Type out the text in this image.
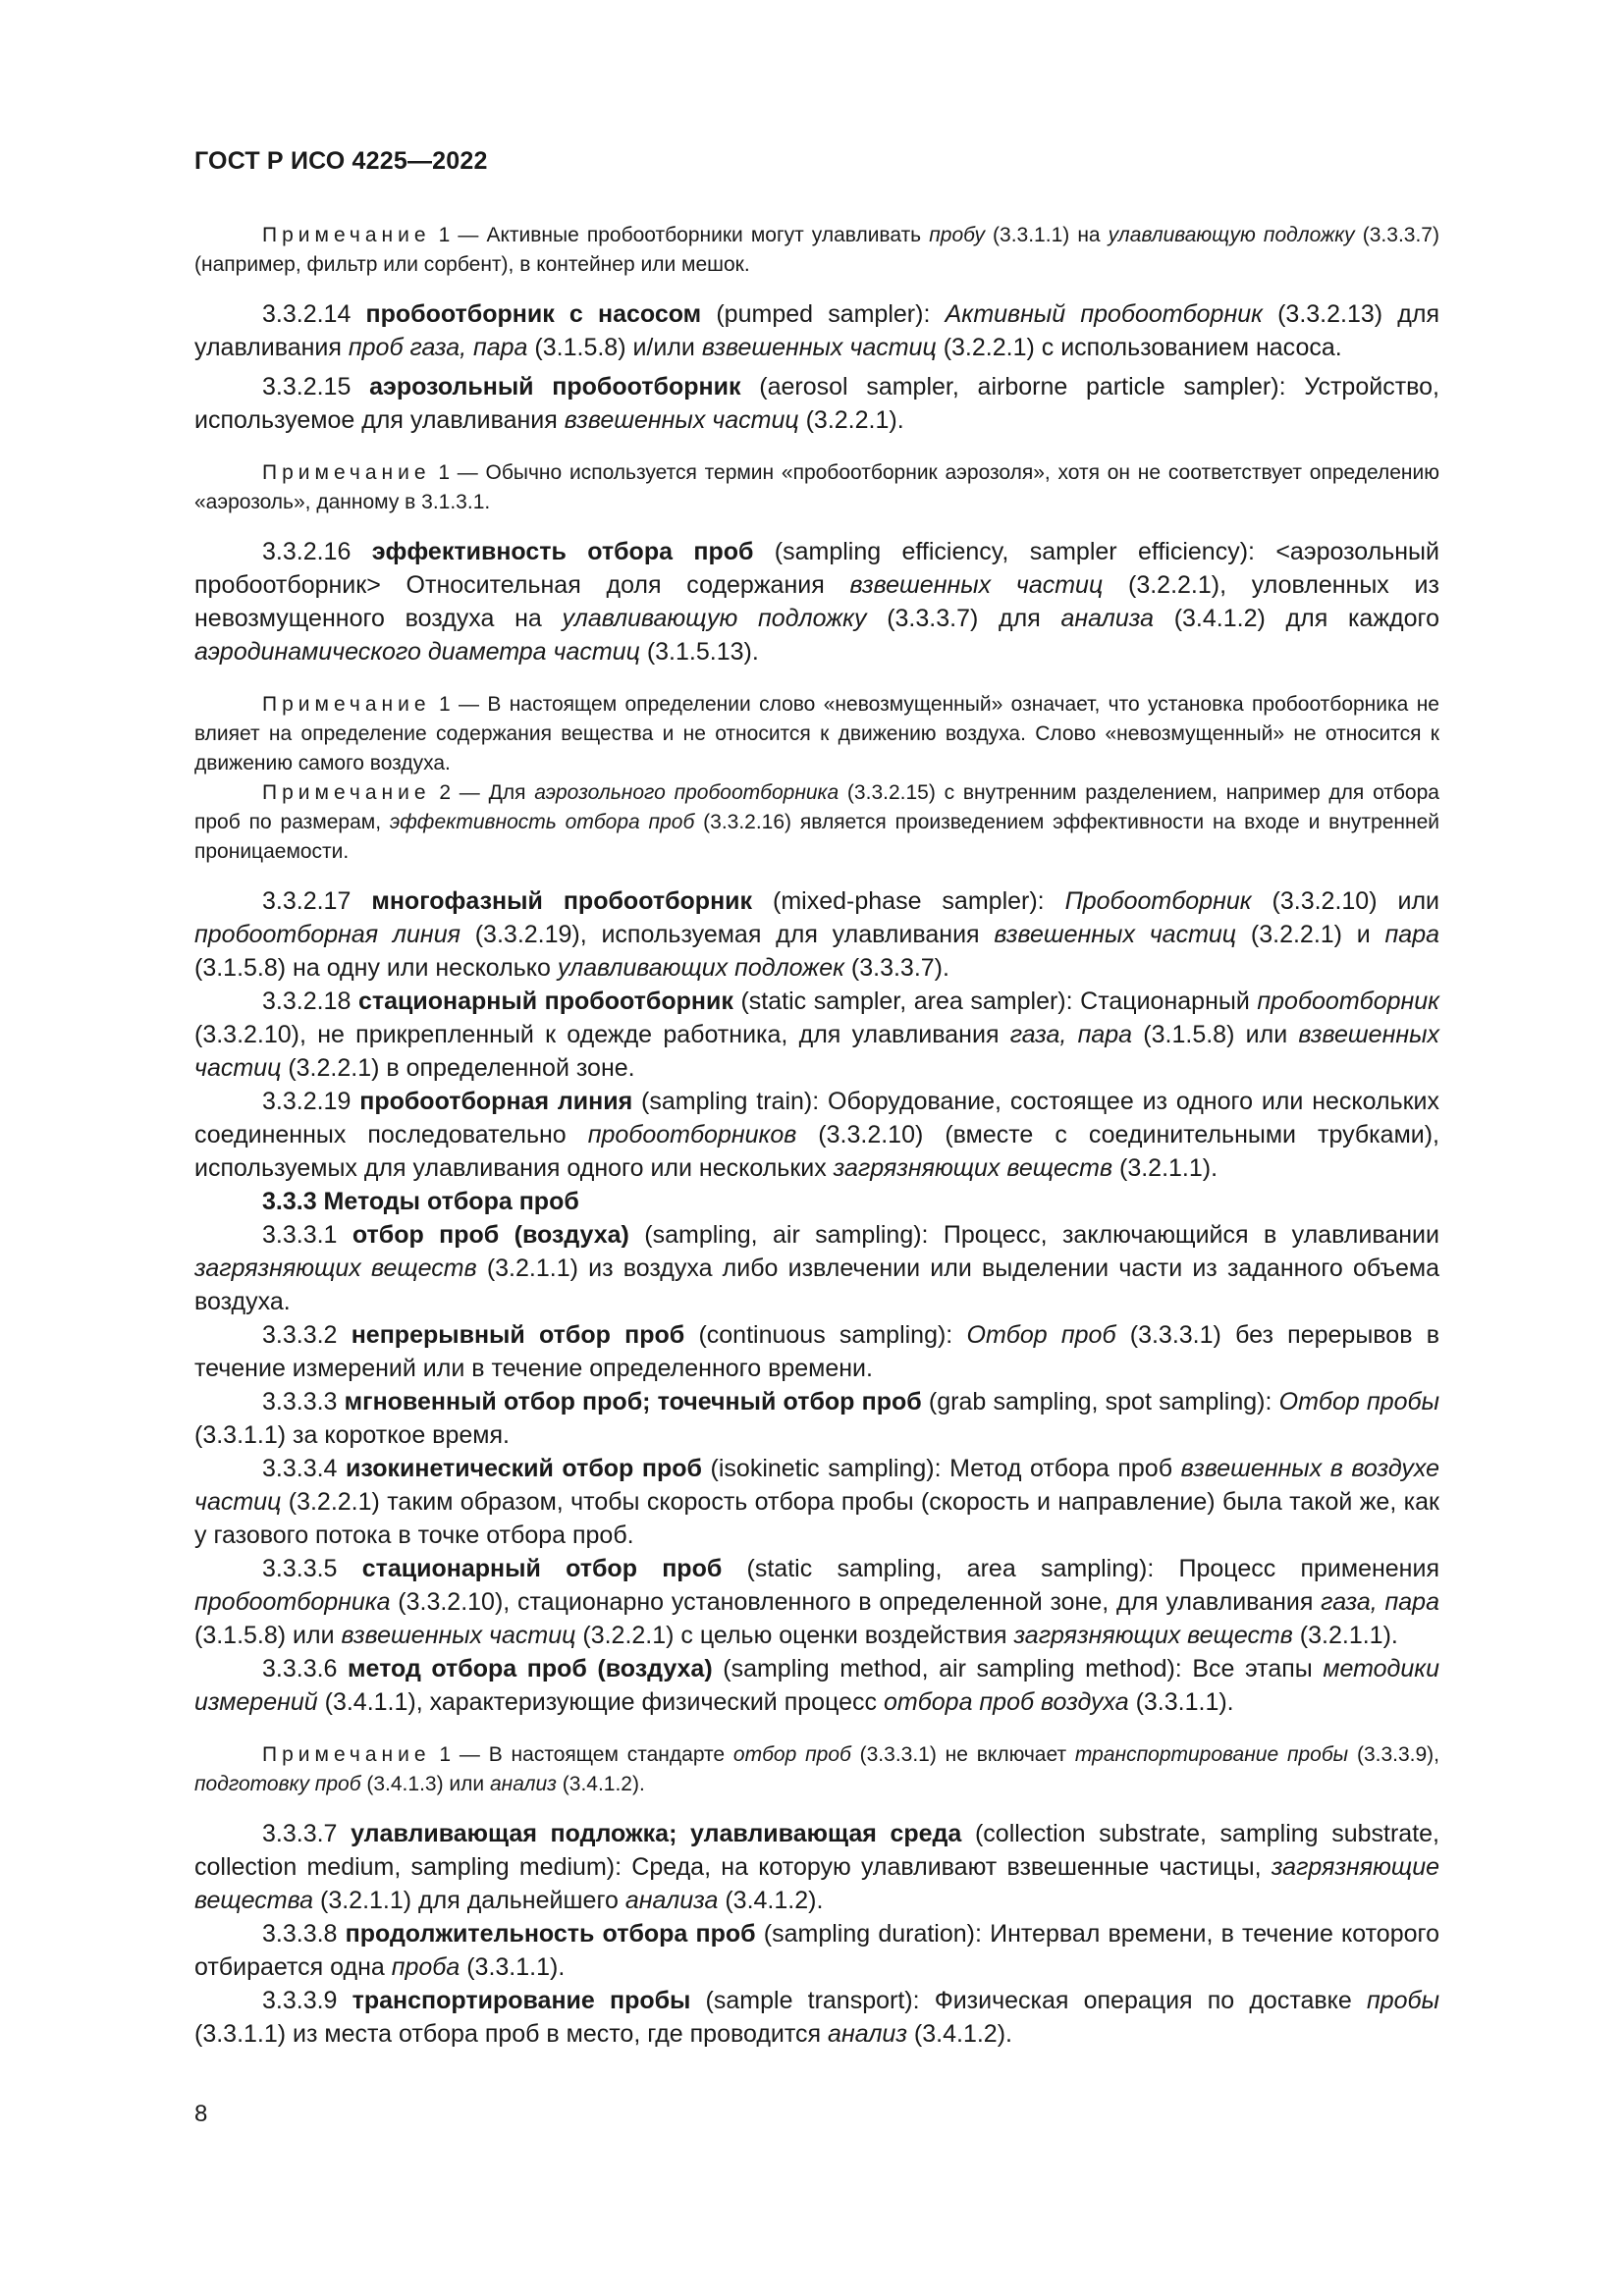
ГОСТ Р ИСО 4225—2022

Примечание 1 — Активные пробоотборники могут улавливать пробу (3.3.1.1) на улавливающую подложку (3.3.3.7) (например, фильтр или сорбент), в контейнер или мешок.

3.3.2.14 пробоотборник с насосом (pumped sampler): Активный пробоотборник (3.3.2.13) для улавливания проб газа, пара (3.1.5.8) и/или взвешенных частиц (3.2.2.1) с использованием насоса.

3.3.2.15 аэрозольный пробоотборник (aerosol sampler, airborne particle sampler): Устройство, используемое для улавливания взвешенных частиц (3.2.2.1).

Примечание 1 — Обычно используется термин «пробоотборник аэрозоля», хотя он не соответствует определению «аэрозоль», данному в 3.1.3.1.

3.3.2.16 эффективность отбора проб (sampling efficiency, sampler efficiency): <аэрозольный пробоотборник> Относительная доля содержания взвешенных частиц (3.2.2.1), уловленных из невозмущенного воздуха на улавливающую подложку (3.3.3.7) для анализа (3.4.1.2) для каждого аэродинамического диаметра частиц (3.1.5.13).

Примечание 1 — В настоящем определении слово «невозмущенный» означает, что установка пробоотборника не влияет на определение содержания вещества и не относится к движению воздуха. Слово «невозмущенный» не относится к движению самого воздуха.

Примечание 2 — Для аэрозольного пробоотборника (3.3.2.15) с внутренним разделением, например для отбора проб по размерам, эффективность отбора проб (3.3.2.16) является произведением эффективности на входе и внутренней проницаемости.

3.3.2.17 многофазный пробоотборник (mixed-phase sampler): Пробоотборник (3.3.2.10) или пробоотборная линия (3.3.2.19), используемая для улавливания взвешенных частиц (3.2.2.1) и пара (3.1.5.8) на одну или несколько улавливающих подложек (3.3.3.7).

3.3.2.18 стационарный пробоотборник (static sampler, area sampler): Стационарный пробоотборник (3.3.2.10), не прикрепленный к одежде работника, для улавливания газа, пара (3.1.5.8) или взвешенных частиц (3.2.2.1) в определенной зоне.

3.3.2.19 пробоотборная линия (sampling train): Оборудование, состоящее из одного или нескольких соединенных последовательно пробоотборников (3.3.2.10) (вместе с соединительными трубками), используемых для улавливания одного или нескольких загрязняющих веществ (3.2.1.1).

3.3.3 Методы отбора проб

3.3.3.1 отбор проб (воздуха) (sampling, air sampling): Процесс, заключающийся в улавливании загрязняющих веществ (3.2.1.1) из воздуха либо извлечении или выделении части из заданного объема воздуха.

3.3.3.2 непрерывный отбор проб (continuous sampling): Отбор проб (3.3.3.1) без перерывов в течение измерений или в течение определенного времени.

3.3.3.3 мгновенный отбор проб; точечный отбор проб (grab sampling, spot sampling): Отбор пробы (3.3.1.1) за короткое время.

3.3.3.4 изокинетический отбор проб (isokinetic sampling): Метод отбора проб взвешенных в воздухе частиц (3.2.2.1) таким образом, чтобы скорость отбора пробы (скорость и направление) была такой же, как у газового потока в точке отбора проб.

3.3.3.5 стационарный отбор проб (static sampling, area sampling): Процесс применения пробоотборника (3.3.2.10), стационарно установленного в определенной зоне, для улавливания газа, пара (3.1.5.8) или взвешенных частиц (3.2.2.1) с целью оценки воздействия загрязняющих веществ (3.2.1.1).

3.3.3.6 метод отбора проб (воздуха) (sampling method, air sampling method): Все этапы методики измерений (3.4.1.1), характеризующие физический процесс отбора проб воздуха (3.3.1.1).

Примечание 1 — В настоящем стандарте отбор проб (3.3.3.1) не включает транспортирование пробы (3.3.3.9), подготовку проб (3.4.1.3) или анализ (3.4.1.2).

3.3.3.7 улавливающая подложка; улавливающая среда (collection substrate, sampling substrate, collection medium, sampling medium): Среда, на которую улавливают взвешенные частицы, загрязняющие вещества (3.2.1.1) для дальнейшего анализа (3.4.1.2).

3.3.3.8 продолжительность отбора проб (sampling duration): Интервал времени, в течение которого отбирается одна проба (3.3.1.1).

3.3.3.9 транспортирование пробы (sample transport): Физическая операция по доставке пробы (3.3.1.1) из места отбора проб в место, где проводится анализ (3.4.1.2).

8
